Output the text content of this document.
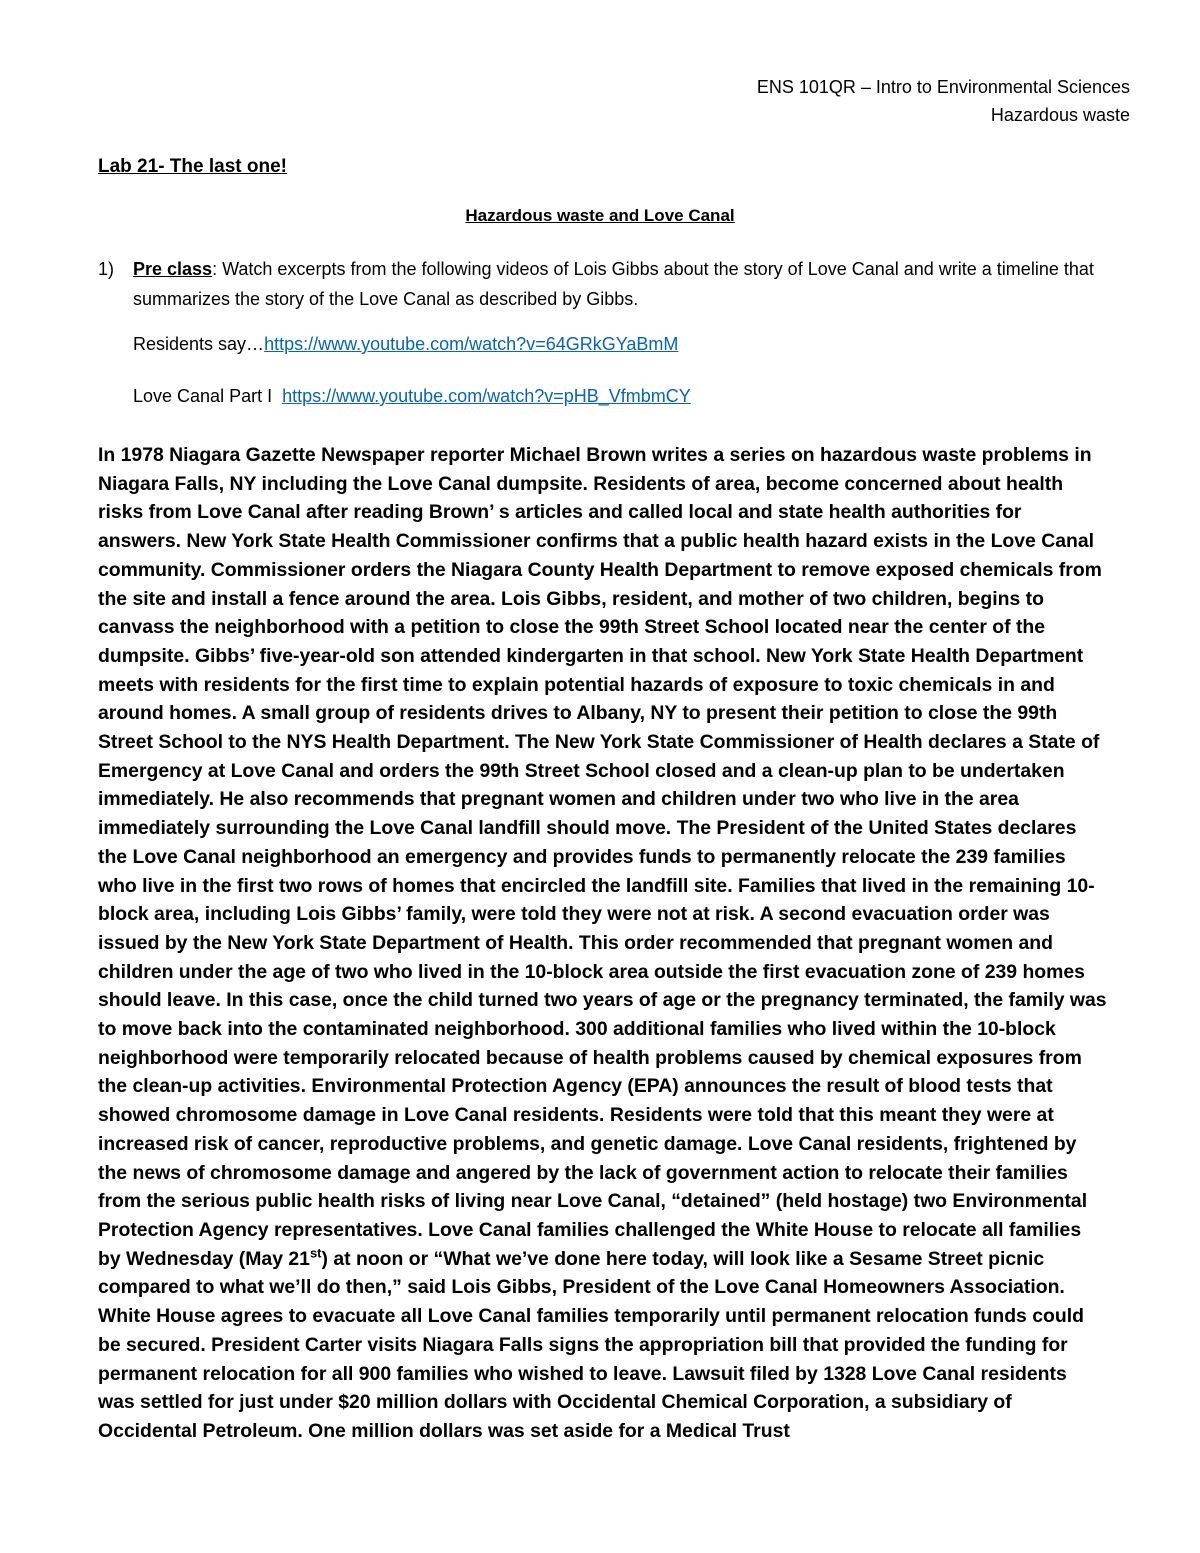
ENS 101QR – Intro to Environmental Sciences
Hazardous waste
Lab 21- The last one!
Hazardous waste and Love Canal
1) Pre class: Watch excerpts from the following videos of Lois Gibbs about the story of Love Canal and write a timeline that summarizes the story of the Love Canal as described by Gibbs.
Residents say…https://www.youtube.com/watch?v=64GRkGYaBmM
Love Canal Part I  https://www.youtube.com/watch?v=pHB_VfmbmCY
In 1978 Niagara Gazette Newspaper reporter Michael Brown writes a series on hazardous waste problems in Niagara Falls, NY including the Love Canal dumpsite. Residents of area, become concerned about health risks from Love Canal after reading Brown’ s articles and called local and state health authorities for answers. New York State Health Commissioner confirms that a public health hazard exists in the Love Canal community. Commissioner orders the Niagara County Health Department to remove exposed chemicals from the site and install a fence around the area. Lois Gibbs, resident, and mother of two children, begins to canvass the neighborhood with a petition to close the 99th Street School located near the center of the dumpsite. Gibbs’ five-year-old son attended kindergarten in that school. New York State Health Department meets with residents for the first time to explain potential hazards of exposure to toxic chemicals in and around homes. A small group of residents drives to Albany, NY to present their petition to close the 99th Street School to the NYS Health Department. The New York State Commissioner of Health declares a State of Emergency at Love Canal and orders the 99th Street School closed and a clean-up plan to be undertaken immediately. He also recommends that pregnant women and children under two who live in the area immediately surrounding the Love Canal landfill should move. The President of the United States declares the Love Canal neighborhood an emergency and provides funds to permanently relocate the 239 families who live in the first two rows of homes that encircled the landfill site. Families that lived in the remaining 10-block area, including Lois Gibbs’ family, were told they were not at risk. A second evacuation order was issued by the New York State Department of Health. This order recommended that pregnant women and children under the age of two who lived in the 10-block area outside the first evacuation zone of 239 homes should leave. In this case, once the child turned two years of age or the pregnancy terminated, the family was to move back into the contaminated neighborhood. 300 additional families who lived within the 10-block neighborhood were temporarily relocated because of health problems caused by chemical exposures from the clean-up activities. Environmental Protection Agency (EPA) announces the result of blood tests that showed chromosome damage in Love Canal residents. Residents were told that this meant they were at increased risk of cancer, reproductive problems, and genetic damage. Love Canal residents, frightened by the news of chromosome damage and angered by the lack of government action to relocate their families from the serious public health risks of living near Love Canal, “detained” (held hostage) two Environmental Protection Agency representatives. Love Canal families challenged the White House to relocate all families by Wednesday (May 21st) at noon or “What we’ve done here today, will look like a Sesame Street picnic compared to what we’ll do then,” said Lois Gibbs, President of the Love Canal Homeowners Association. White House agrees to evacuate all Love Canal families temporarily until permanent relocation funds could be secured. President Carter visits Niagara Falls signs the appropriation bill that provided the funding for permanent relocation for all 900 families who wished to leave. Lawsuit filed by 1328 Love Canal residents was settled for just under $20 million dollars with Occidental Chemical Corporation, a subsidiary of Occidental Petroleum. One million dollars was set aside for a Medical Trust
